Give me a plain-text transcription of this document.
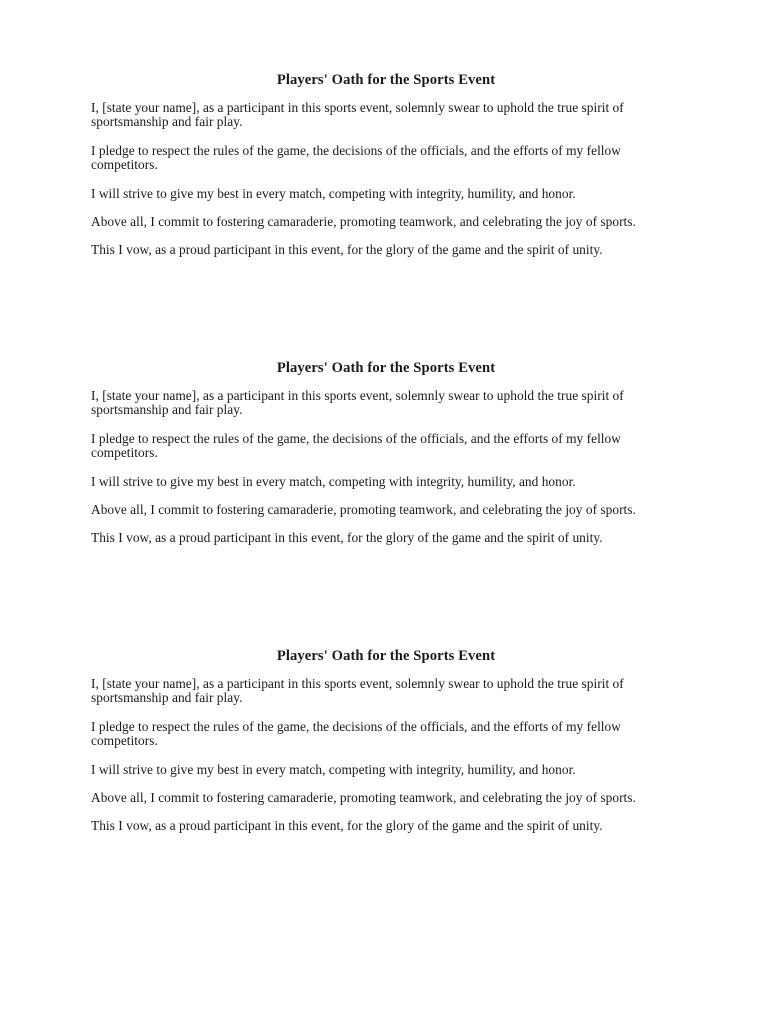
Players' Oath for the Sports Event

I, [state your name], as a participant in this sports event, solemnly swear to uphold the true spirit of sportsmanship and fair play.

I pledge to respect the rules of the game, the decisions of the officials, and the efforts of my fellow competitors.

I will strive to give my best in every match, competing with integrity, humility, and honor.

Above all, I commit to fostering camaraderie, promoting teamwork, and celebrating the joy of sports.

This I vow, as a proud participant in this event, for the glory of the game and the spirit of unity.

Players' Oath for the Sports Event

I, [state your name], as a participant in this sports event, solemnly swear to uphold the true spirit of sportsmanship and fair play.

I pledge to respect the rules of the game, the decisions of the officials, and the efforts of my fellow competitors.

I will strive to give my best in every match, competing with integrity, humility, and honor.

Above all, I commit to fostering camaraderie, promoting teamwork, and celebrating the joy of sports.

This I vow, as a proud participant in this event, for the glory of the game and the spirit of unity.

Players' Oath for the Sports Event

I, [state your name], as a participant in this sports event, solemnly swear to uphold the true spirit of sportsmanship and fair play.

I pledge to respect the rules of the game, the decisions of the officials, and the efforts of my fellow competitors.

I will strive to give my best in every match, competing with integrity, humility, and honor.

Above all, I commit to fostering camaraderie, promoting teamwork, and celebrating the joy of sports.

This I vow, as a proud participant in this event, for the glory of the game and the spirit of unity.
